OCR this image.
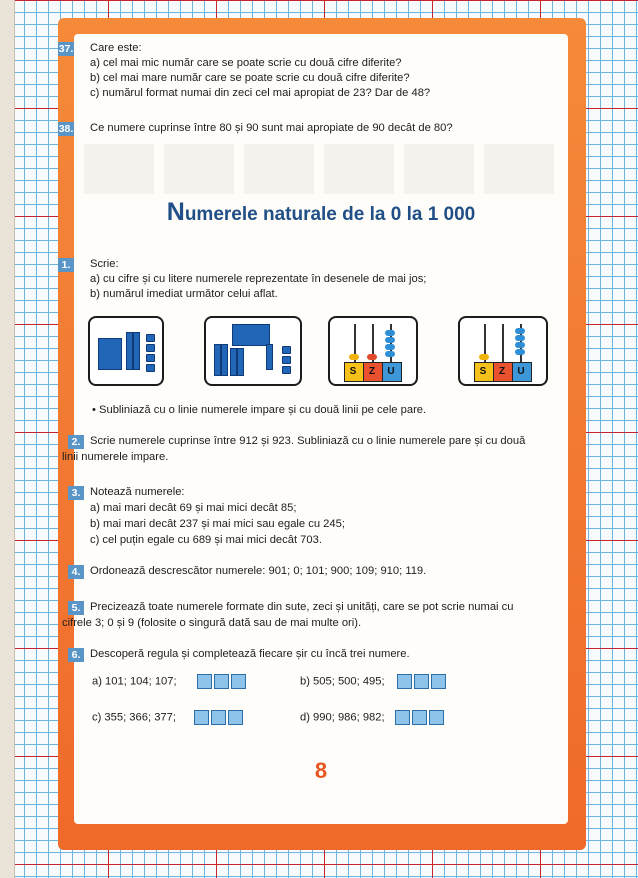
37. Care este:
a) cel mai mic număr care se poate scrie cu două cifre diferite?
b) cel mai mare număr care se poate scrie cu două cifre diferite?
c) numărul format numai din zeci cel mai apropiat de 23? Dar de 48?
38. Ce numere cuprinse între 80 și 90 sunt mai apropiate de 90 decât de 80?
Numerele naturale de la 0 la 1 000
1.	Scrie:
a) cu cifre și cu litere numerele reprezentate în desenele de mai jos;
b) numărul imediat următor celui aflat.
S	Z	U	S	Z	U
• Subliniază cu o linie numerele impare și cu două linii pe cele pare.
2. Scrie numerele cuprinse între 912 și 923. Subliniază cu o linie numerele pare și cu două
linii numerele impare.
3. Notează numerele:
a) mai mari decât 69 și mai mici decât 85;
b) mai mari decât 237 și mai mici sau egale cu 245;
c) cel puțin egale cu 689 și mai mici decât 703.
4. Ordonează descrescător numerele: 901; 0; 101; 900; 109; 910; 119.
5. Precizează toate numerele formate din sute, zeci și unități, care se pot scrie numai cu
cifrele 3; 0 și 9 (folosite o singură dată sau de mai multe ori).
6. Descoperă regula și completează fiecare șir cu încă trei numere.
a) 101; 104; 107;	b) 505; 500; 495;
c) 355; 366; 377;	d) 990; 986; 982;
8
